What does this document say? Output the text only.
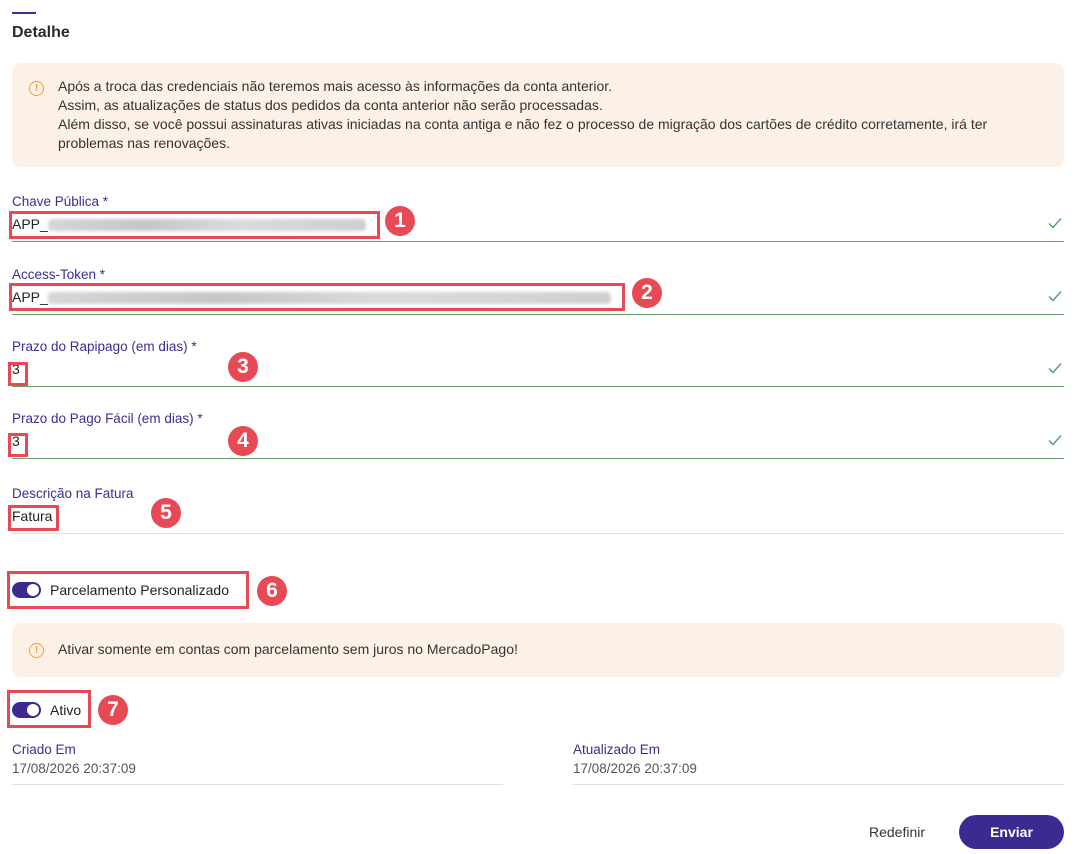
Detalhe
!	Após a troca das credenciais não teremos mais acesso às informações da conta anterior.

Assim, as atualizações de status dos pedidos da conta anterior não serão processadas.

Além disso, se você possui assinaturas ativas iniciadas na conta antiga e não fez o processo de migração dos cartões de crédito corretamente, irá ter problemas nas renovações.

Chave Pública *
APP_
Access-Token *
APP_
Prazo do Rapipago (em dias) *
3
Prazo do Pago Fácil (em dias) *
3
Descrição na Fatura
Fatura
Parcelamento Personalizado
!	Ativar somente em contas com parcelamento sem juros no MercadoPago!

Ativo
Criado Em
17/08/2026 20:37:09
Atualizado Em
17/08/2026 20:37:09
Redefinir	Enviar
1
2
3
4
5
6
7
